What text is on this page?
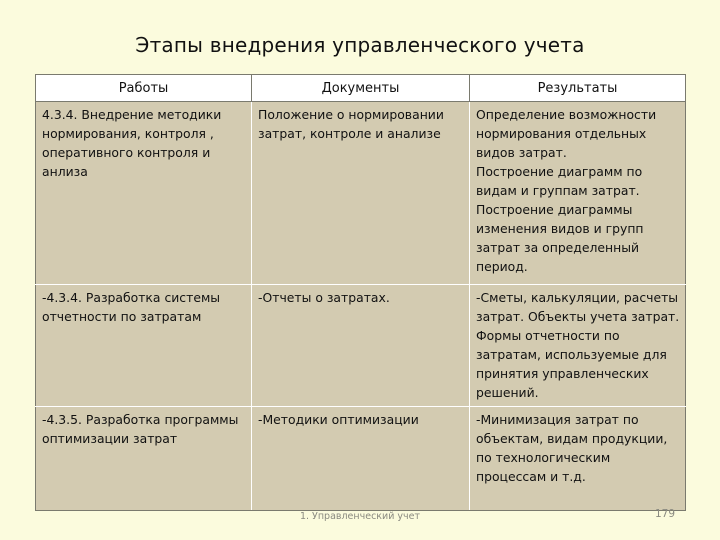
Этапы внедрения управленческого учета
Работы	Документы	Результаты
4.3.4. Внедрение методики нормирования, контроля , оперативного контроля и анлиза	Положение о нормировании затрат, контроле и анализе	Определение возможности нормирования отдельных видов затрат.
Построение диаграмм по видам и группам затрат.
Построение диаграммы изменения видов и групп затрат за определенный период.
-4.3.4. Разработка системы отчетности по затратам	-Отчеты о затратах.	-Сметы, калькуляции, расчеты затрат. Объекты учета затрат. Формы отчетности по затратам, используемые для принятия управленческих решений.
-4.3.5. Разработка программы оптимизации затрат	-Методики оптимизации	-Минимизация затрат по объектам, видам продукции, по технологическим процессам и т.д.
1. Управленческий учет	179
